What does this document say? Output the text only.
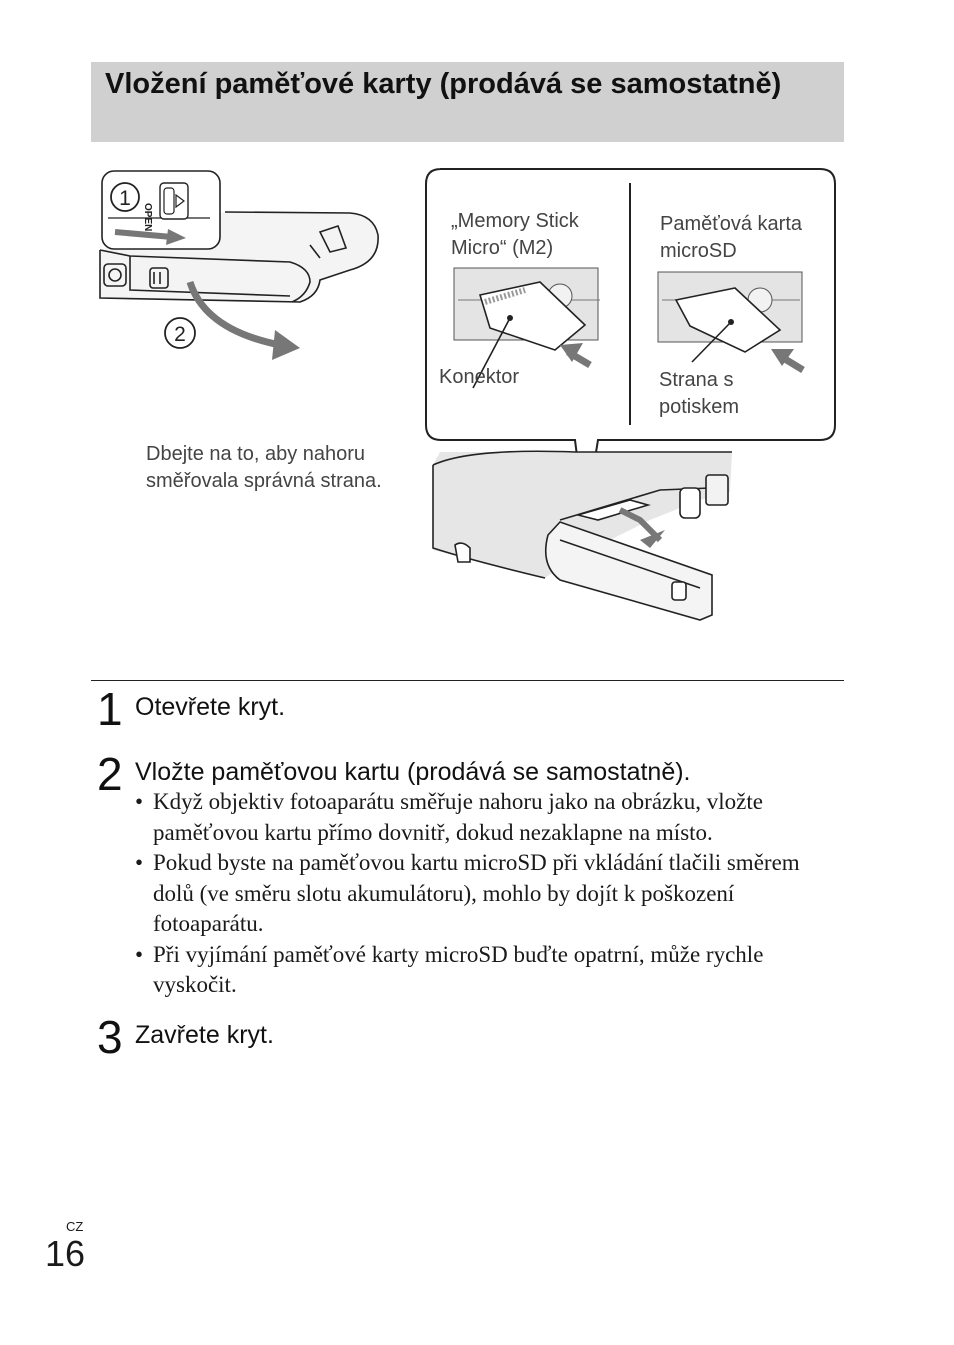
Vložení paměťové karty (prodává se samostatně)
OPEN
1
2
„Memory Stick
Micro“ (M2)
Paměťová karta
microSD
Konektor	Strana s
potiskem
Dbejte na to, aby nahoru
směřovala správná strana.
1 Otevřete kryt.
2 Vložte paměťovou kartu (prodává se samostatně).
• Když objektiv fotoaparátu směřuje nahoru jako na obrázku, vložte paměťovou kartu přímo dovnitř, dokud nezaklapne na místo.
• Pokud byste na paměťovou kartu microSD při vkládání tlačili směrem dolů (ve směru slotu akumulátoru), mohlo by dojít k poškození fotoaparátu.
• Při vyjímání paměťové karty microSD buďte opatrní, může rychle vyskočit.
3 Zavřete kryt.
CZ
16
